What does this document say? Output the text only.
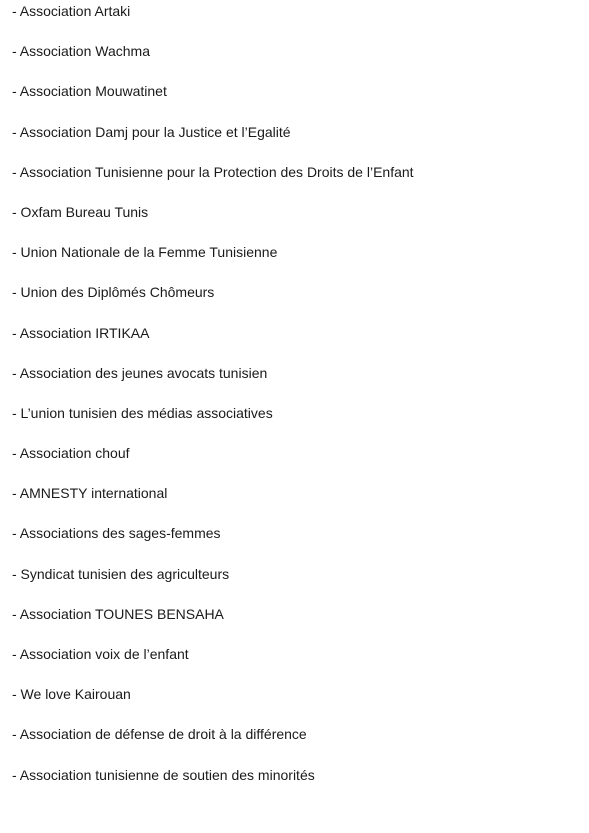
- Association Artaki
- Association Wachma
- Association Mouwatinet
- Association Damj pour la Justice et l’Egalité
- Association Tunisienne pour la Protection des Droits de l’Enfant
- Oxfam Bureau Tunis
- Union Nationale de la Femme Tunisienne
- Union des Diplômés Chômeurs
- Association IRTIKAA
- Association des jeunes avocats tunisien
- L’union tunisien des médias associatives
- Association chouf
- AMNESTY international
- Associations des sages-femmes
- Syndicat tunisien des agriculteurs
- Association TOUNES BENSAHA
- Association voix de l’enfant
- We love Kairouan
- Association de défense de droit à la différence
- Association tunisienne de soutien des minorités
